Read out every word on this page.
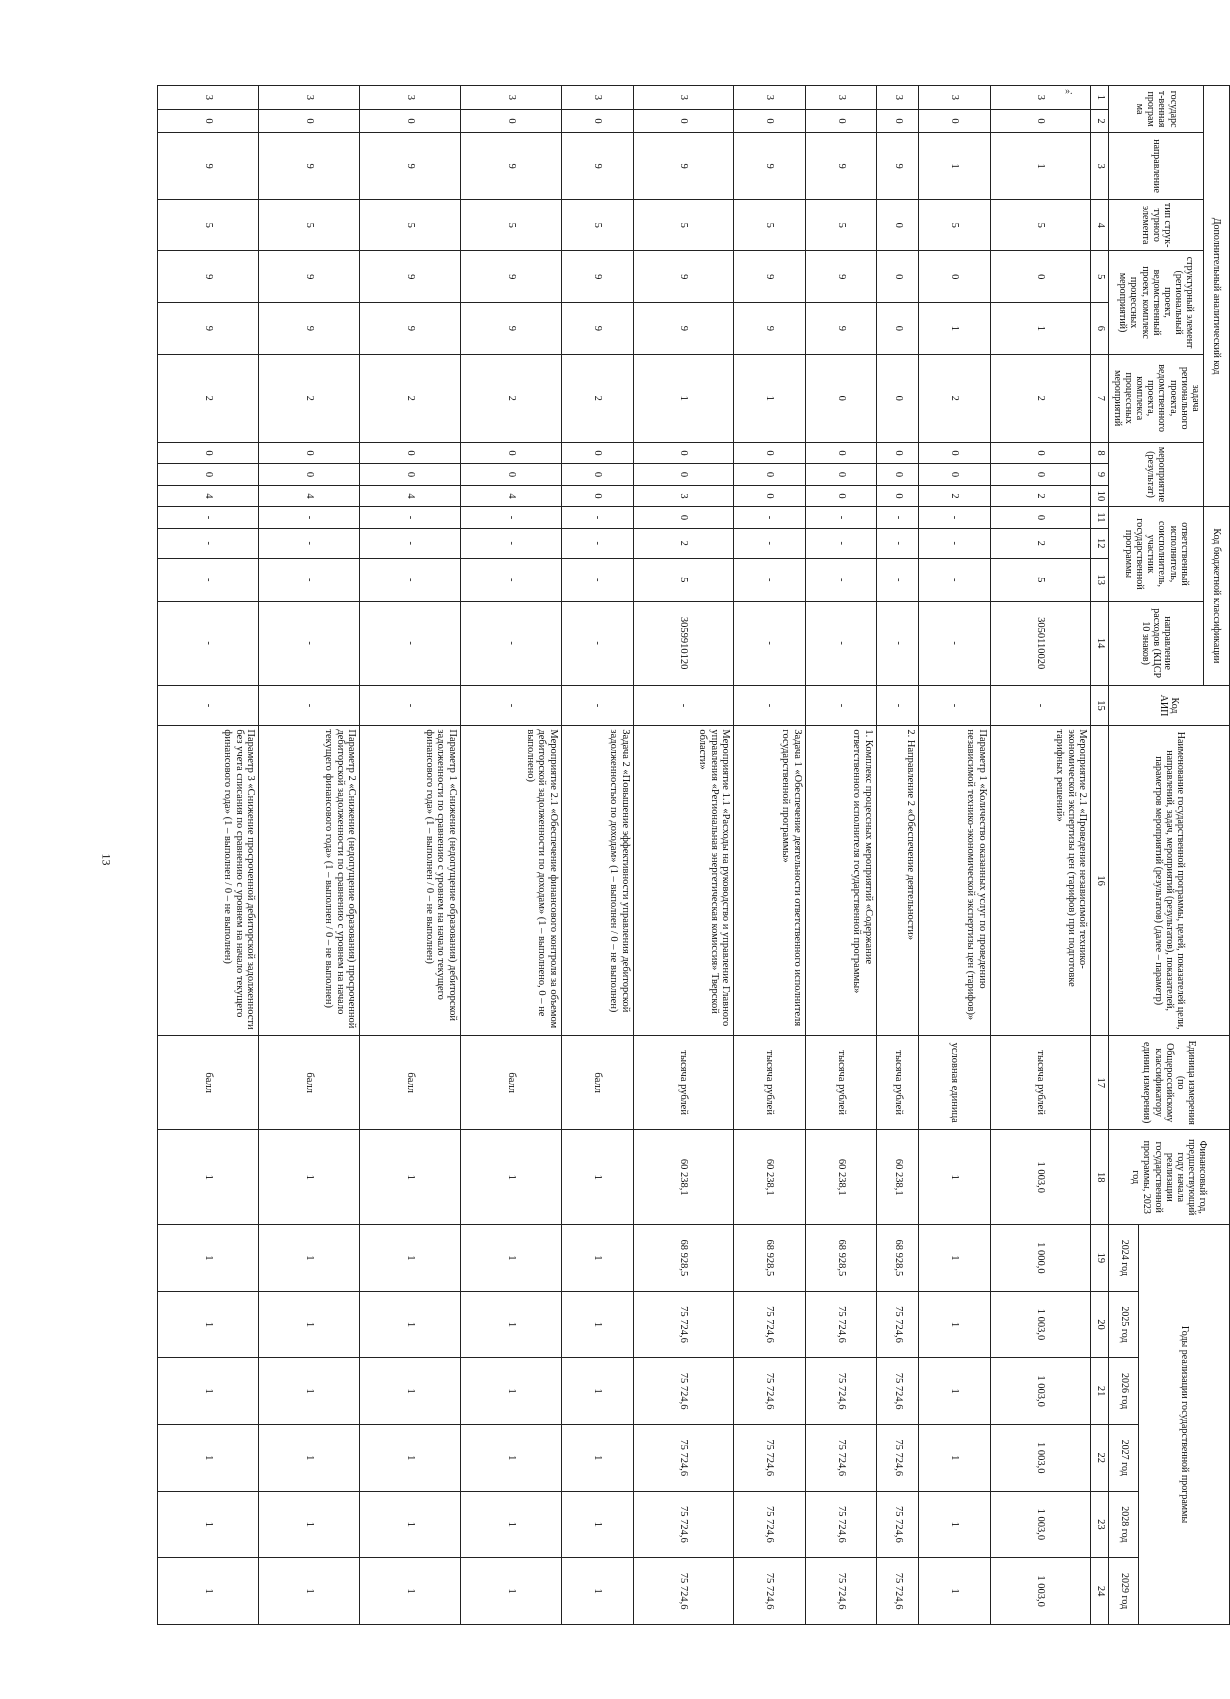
13
».
Дополнительный аналитический код										Код бюджетной классификации				Код АИП	Наименование государственной программы, целей, показателей цели, направлений, задач, мероприятий (результатов), показателей, параметров мероприятий (результатов) (далее – параметр)	Единица измерения (по Общероссийскому классификатору единиц измерения)	Финансовый год, предшествующий году начала реализации государственной программы, 2023 год	Годы реализации государственной программы					
государст-венная программа		направление	тип струк-турного элемента	структурный элемент (региональный проект, ведомственный проект, комплекс процессных мероприятий)		задача регионального проекта, ведомственного проекта, комплекса процессных мероприятий	мероприятие (результат)			ответственный исполнитель, соисполнитель, участник государственной программы			направление расходов (КЦСР 10 знаков)										
																		2024 год	2025 год	2026 год	2027 год	2028 год	2029 год
1	2	3	4	5	6	7	8	9	10	11	12	13	14	15	16	17	18	19	20	21	22	23	24
3	0	1	5	0	1	2	0	0	2	0	2	5	3050110020	-	Мероприятие 2.1 «Проведение независимой технико-экономической экспертизы цен (тарифов) при подготовке тарифных решений»	тысяча рублей	1 003,0	1 000,0	1 003,0	1 003,0	1 003,0	1 003,0	1 003,0
3	0	1	5	0	1	2	0	0	2	-	-	-	-	-	Параметр 1 «Количество оказанных услуг по проведению независимой технико-экономической экспертизы цен (тарифов)»	условная единица	1	1	1	1	1	1	1
3	0	9	0	0	0	0	0	0	0	-	-	-	-	-	2. Направление 2 «Обеспечение деятельности»	тысяча рублей	60 238,1	68 928,5	75 724,6	75 724,6	75 724,6	75 724,6	75 724,6
3	0	9	5	9	9	0	0	0	0	-	-	-	-	-	1. Комплекс процессных мероприятий «Содержание ответственного исполнителя государственной программы»	тысяча рублей	60 238,1	68 928,5	75 724,6	75 724,6	75 724,6	75 724,6	75 724,6
3	0	9	5	9	9	1	0	0	0	-	-	-	-	-	Задача 1 «Обеспечение деятельности ответственного исполнителя государственной программы»	тысяча рублей	60 238,1	68 928,5	75 724,6	75 724,6	75 724,6	75 724,6	75 724,6
3	0	9	5	9	9	1	0	0	3	0	2	5	3059910120	-	Мероприятие 1.1 «Расходы на руководство и управление Главного управления «Региональная энергетическая комиссия» Тверской области»	тысяча рублей	60 238,1	68 928,5	75 724,6	75 724,6	75 724,6	75 724,6	75 724,6
3	0	9	5	9	9	2	0	0	0	-	-	-	-	-	Задача 2 «Повышение эффективности управления дебиторской задолженностью по доходам» (1 – выполнен / 0 – не выполнен)	балл	1	1	1	1	1	1	1
3	0	9	5	9	9	2	0	0	4	-	-	-	-	-	Мероприятие 2.1 «Обеспечение финансового контроля за объемом дебиторской задолженности по доходам» (1 – выполнено, 0 – не выполнено)	балл	1	1	1	1	1	1	1
3	0	9	5	9	9	2	0	0	4	-	-	-	-	-	Параметр 1 «Снижение (недопущение образования) дебиторской задолженности по сравнению с уровнем на начало текущего финансового года» (1 – выполнен / 0 – не выполнен)	балл	1	1	1	1	1	1	1
3	0	9	5	9	9	2	0	0	4	-	-	-	-	-	Параметр 2 «Снижение (недопущение образования) просроченной дебиторской задолженности по сравнению с уровнем на начало текущего финансового года» (1 – выполнен / 0 – не выполнен)	балл	1	1	1	1	1	1	1
3	0	9	5	9	9	2	0	0	4	-	-	-	-	-	Параметр 3 «Снижение просроченной дебиторской задолженности без учета списания по сравнению с уровнем на начало текущего финансового года» (1 – выполнен / 0 – не выполнен)	балл	1	1	1	1	1	1	1
